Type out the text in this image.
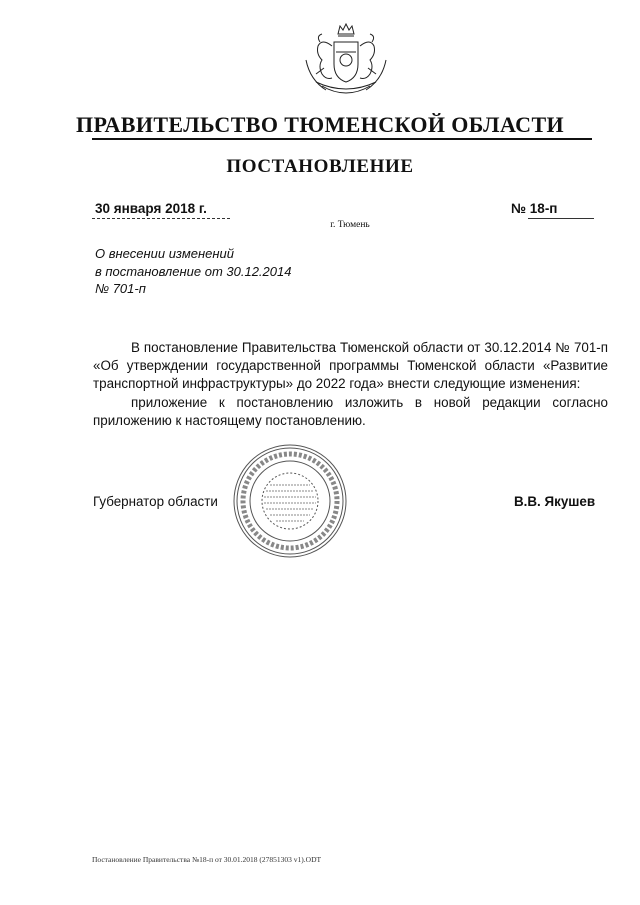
ПРАВИТЕЛЬСТВО ТЮМЕНСКОЙ ОБЛАСТИ
ПОСТАНОВЛЕНИЕ
30 января 2018 г.	№ 18-п
г. Тюмень
О внесении изменений
в постановление от 30.12.2014
№ 701-п

В постановление Правительства Тюменской области от 30.12.2014 № 701-п «Об утверждении государственной программы Тюменской области «Развитие транспортной инфраструктуры» до 2022 года» внести следующие изменения:

приложение к постановлению изложить в новой редакции согласно приложению к настоящему постановлению.

Губернатор области	В.В. Якушев
Постановление Правительства №18-п от 30.01.2018 (27851303 v1).ODT
